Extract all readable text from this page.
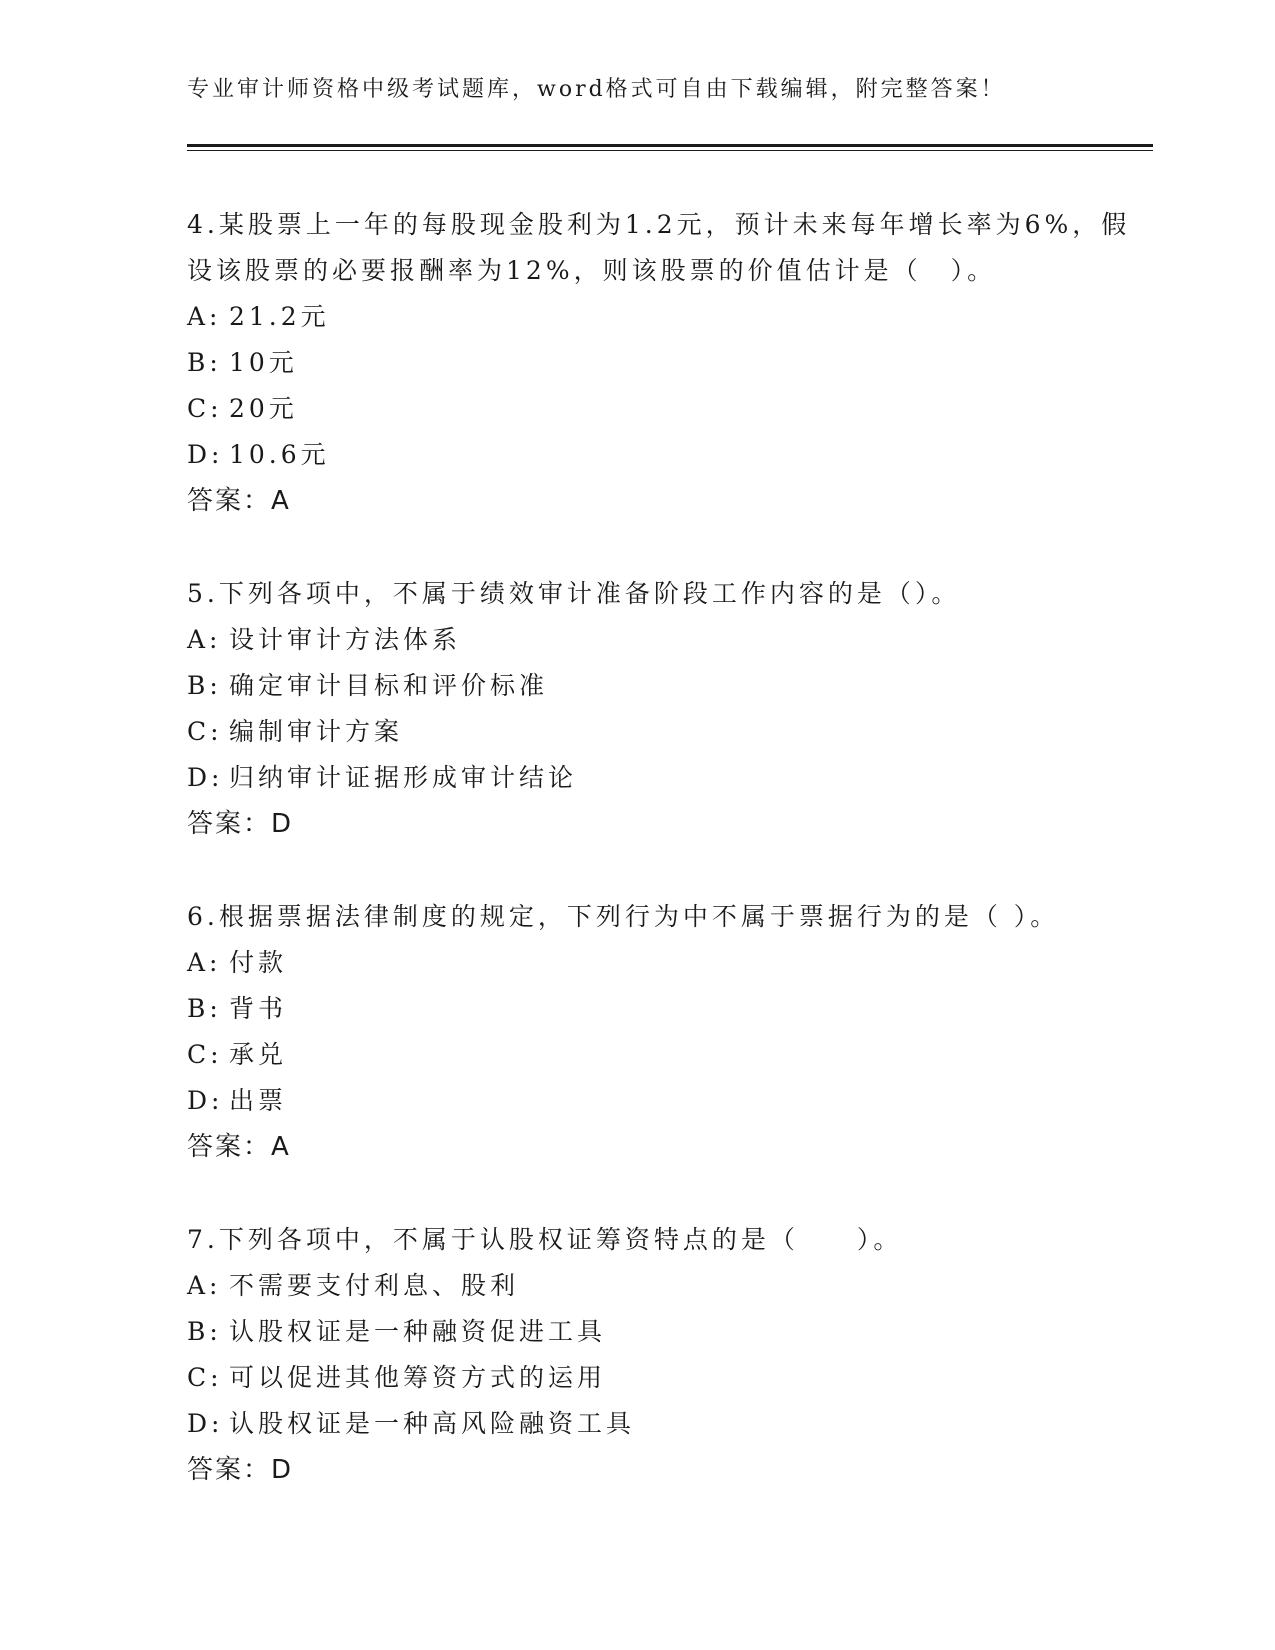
专业审计师资格中级考试题库，word格式可自由下载编辑，附完整答案！
4.某股票上一年的每股现金股利为1.2元，预计未来每年增长率为6%，假设该股票的必要报酬率为12%，则该股票的价值估计是（　）。
A: 21.2元
B: 10元
C: 20元
D: 10.6元
答案：A
5.下列各项中，不属于绩效审计准备阶段工作内容的是（）。
A: 设计审计方法体系
B: 确定审计目标和评价标准
C: 编制审计方案
D: 归纳审计证据形成审计结论
答案：D
6.根据票据法律制度的规定，下列行为中不属于票据行为的是（ ）。
A: 付款
B: 背书
C: 承兑
D: 出票
答案：A
7.下列各项中，不属于认股权证筹资特点的是（　　）。
A: 不需要支付利息、股利
B: 认股权证是一种融资促进工具
C: 可以促进其他筹资方式的运用
D: 认股权证是一种高风险融资工具
答案：D
